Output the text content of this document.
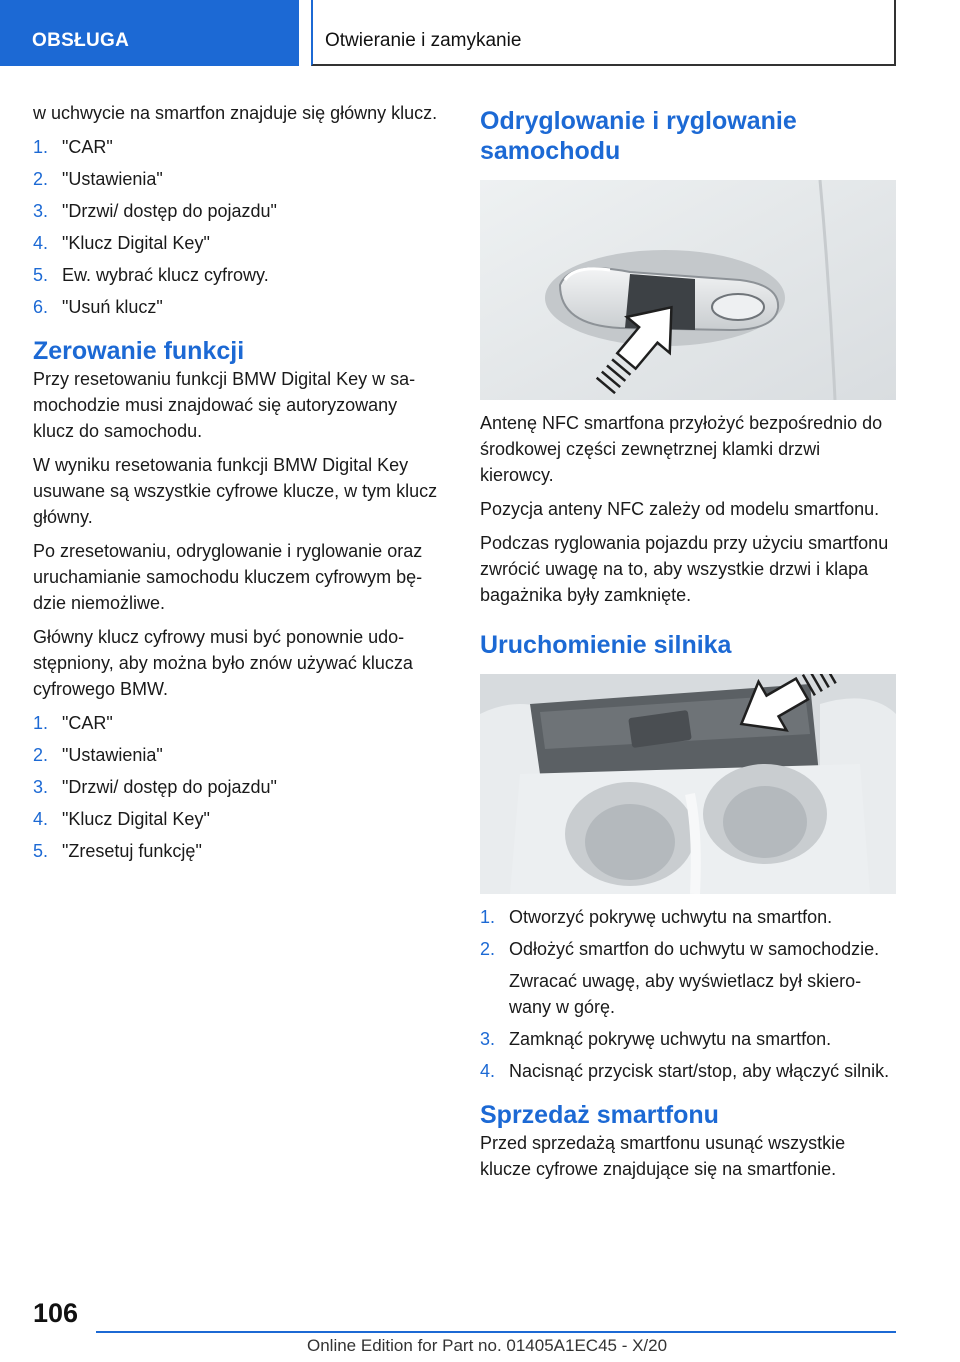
OBSŁUGA	Otwieranie i zamykanie

w uchwycie na smartfon znajduje się główny klucz.

1. "CAR"
2. "Ustawienia"
3. "Drzwi/ dostęp do pojazdu"
4. "Klucz Digital Key"
5. Ew. wybrać klucz cyfrowy.
6. "Usuń klucz"
Zerowanie funkcji

Przy resetowaniu funkcji BMW Digital Key w samochodzie musi znajdować się autoryzowany klucz do samochodu.

W wyniku resetowania funkcji BMW Digital Key usuwane są wszystkie cyfrowe klucze, w tym klucz główny.

Po zresetowaniu, odryglowanie i ryglowanie oraz uruchamianie samochodu kluczem cyfrowym będzie niemożliwe.

Główny klucz cyfrowy musi być ponownie udostępniony, aby można było znów używać klucza cyfrowego BMW.

1. "CAR"
2. "Ustawienia"
3. "Drzwi/ dostęp do pojazdu"
4. "Klucz Digital Key"
5. "Zresetuj funkcję"
Odryglowanie i ryglowanie samochodu

Antenę NFC smartfona przyłożyć bezpośrednio do środkowej części zewnętrznej klamki drzwi kierowcy.

Pozycja anteny NFC zależy od modelu smartfonu.

Podczas ryglowania pojazdu przy użyciu smartfonu zwrócić uwagę na to, aby wszystkie drzwi i klapa bagażnika były zamknięte.

Uruchomienie silnika
1. Otworzyć pokrywę uchwytu na smartfon.
2. Odłożyć smartfon do uchwytu w samochodzie.
Zwracać uwagę, aby wyświetlacz był skierowany w górę.
3. Zamknąć pokrywę uchwytu na smartfon.
4. Nacisnąć przycisk start/stop, aby włączyć silnik.
Sprzedaż smartfonu

Przed sprzedażą smartfonu usunąć wszystkie klucze cyfrowe znajdujące się na smartfonie.

106
Online Edition for Part no. 01405A1EC45 - X/20
